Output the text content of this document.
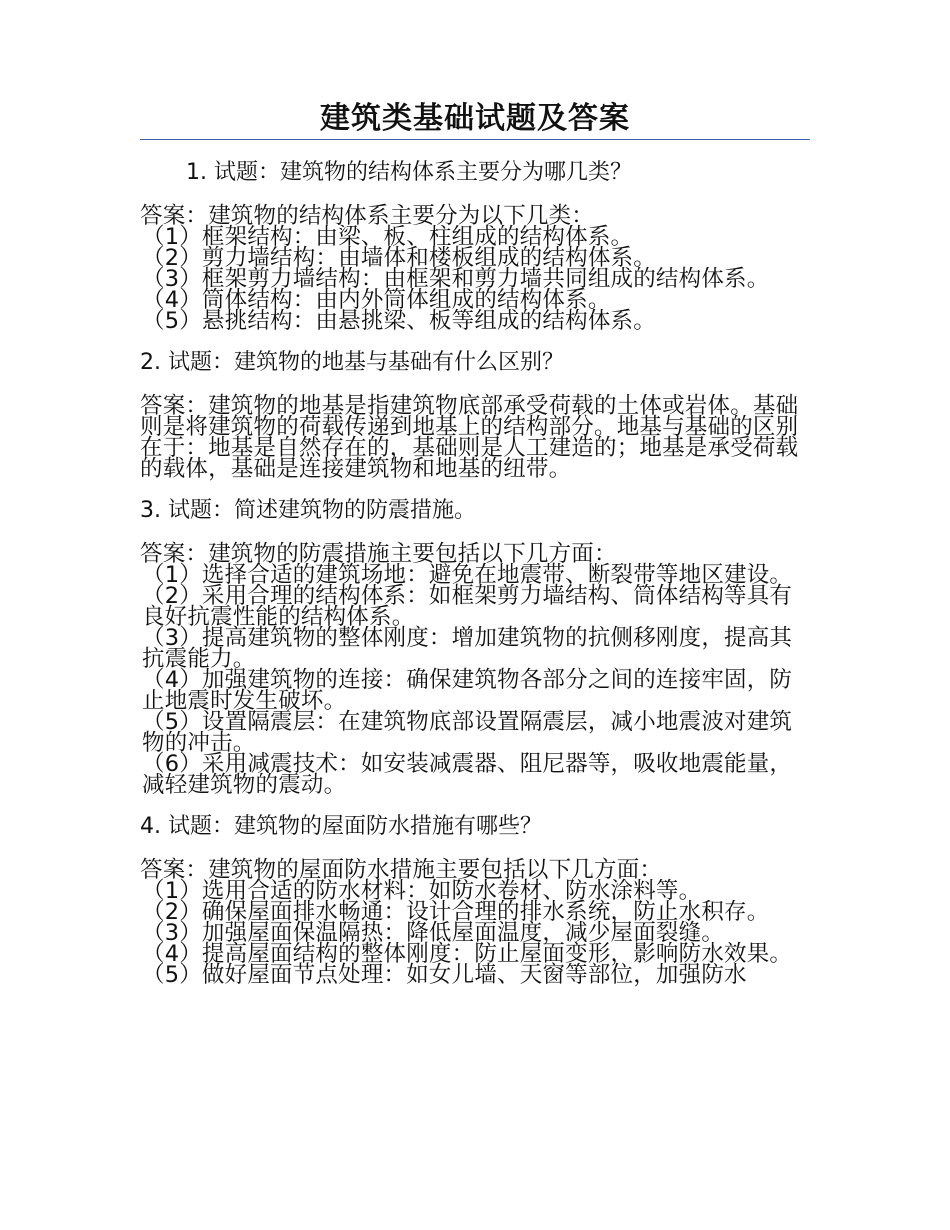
建筑类基础试题及答案

1. 试题：建筑物的结构体系主要分为哪几类？

答案：建筑物的结构体系主要分为以下几类：
（1）框架结构：由梁、板、柱组成的结构体系。
（2）剪力墙结构：由墙体和楼板组成的结构体系。
（3）框架剪力墙结构：由框架和剪力墙共同组成的结构体系。
（4）筒体结构：由内外筒体组成的结构体系。
（5）悬挑结构：由悬挑梁、板等组成的结构体系。

2. 试题：建筑物的地基与基础有什么区别？

答案：建筑物的地基是指建筑物底部承受荷载的土体或岩体。基础则是将建筑物的荷载传递到地基上的结构部分。地基与基础的区别在于：地基是自然存在的，基础则是人工建造的；地基是承受荷载的载体，基础是连接建筑物和地基的纽带。

3. 试题：简述建筑物的防震措施。

答案：建筑物的防震措施主要包括以下几方面：
（1）选择合适的建筑场地：避免在地震带、断裂带等地区建设。
（2）采用合理的结构体系：如框架剪力墙结构、筒体结构等具有良好抗震性能的结构体系。
（3）提高建筑物的整体刚度：增加建筑物的抗侧移刚度，提高其抗震能力。
（4）加强建筑物的连接：确保建筑物各部分之间的连接牢固，防止地震时发生破坏。
（5）设置隔震层：在建筑物底部设置隔震层，减小地震波对建筑物的冲击。
（6）采用减震技术：如安装减震器、阻尼器等，吸收地震能量，减轻建筑物的震动。

4. 试题：建筑物的屋面防水措施有哪些？

答案：建筑物的屋面防水措施主要包括以下几方面：
（1）选用合适的防水材料：如防水卷材、防水涂料等。
（2）确保屋面排水畅通：设计合理的排水系统，防止水积存。
（3）加强屋面保温隔热：降低屋面温度，减少屋面裂缝。
（4）提高屋面结构的整体刚度：防止屋面变形，影响防水效果。
（5）做好屋面节点处理：如女儿墙、天窗等部位，加强防水
